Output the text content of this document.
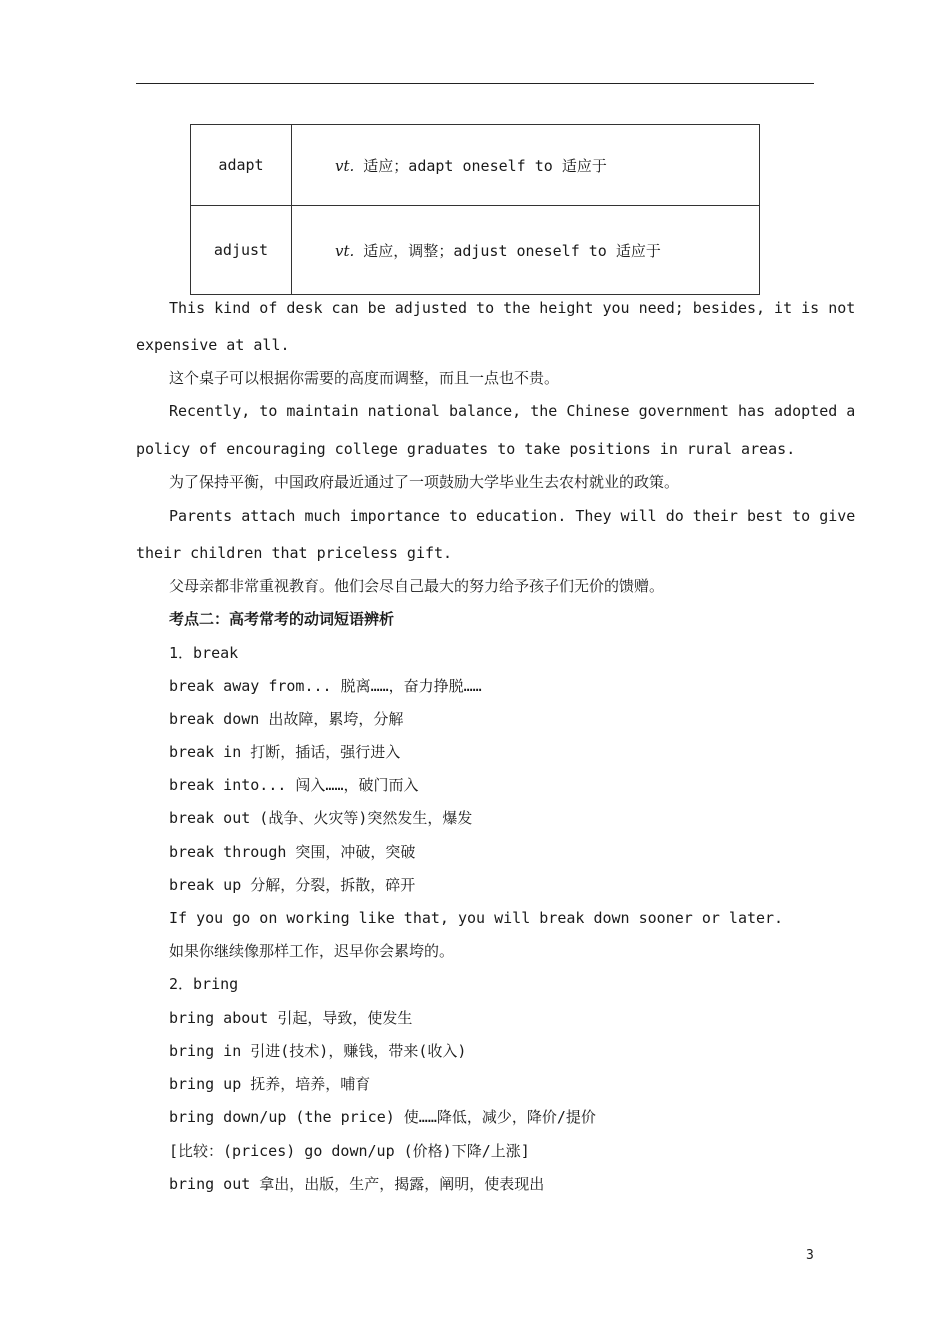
adapt	vt. 适应；adapt oneself to 适应于
adjust	vt. 适应，调整；adjust oneself to 适应于
This kind of desk can be adjusted to the height you need; besides, it is not
expensive at all.
这个桌子可以根据你需要的高度而调整，而且一点也不贵。
Recently, to maintain national balance, the Chinese government has adopted a
policy of encouraging college graduates to take positions in rural areas.
为了保持平衡，中国政府最近通过了一项鼓励大学毕业生去农村就业的政策。
Parents attach much importance to education. They will do their best to give
their children that priceless gift.
父母亲都非常重视教育。他们会尽自己最大的努力给予孩子们无价的馈赠。
考点二：高考常考的动词短语辨析
1．break
break away from... 脱离……，奋力挣脱……
break down 出故障，累垮，分解
break in 打断，插话，强行进入
break into... 闯入……，破门而入
break out (战争、火灾等)突然发生，爆发
break through 突围，冲破，突破
break up 分解，分裂，拆散，碎开
If you go on working like that, you will break down sooner or later.
如果你继续像那样工作，迟早你会累垮的。
2．bring
bring about 引起，导致，使发生
bring in 引进(技术)，赚钱，带来(收入)
bring up 抚养，培养，哺育
bring down/up (the price) 使……降低，减少，降价/提价
[比较：(prices) go down/up (价格)下降/上涨]
bring out 拿出，出版，生产，揭露，阐明，使表现出
3
